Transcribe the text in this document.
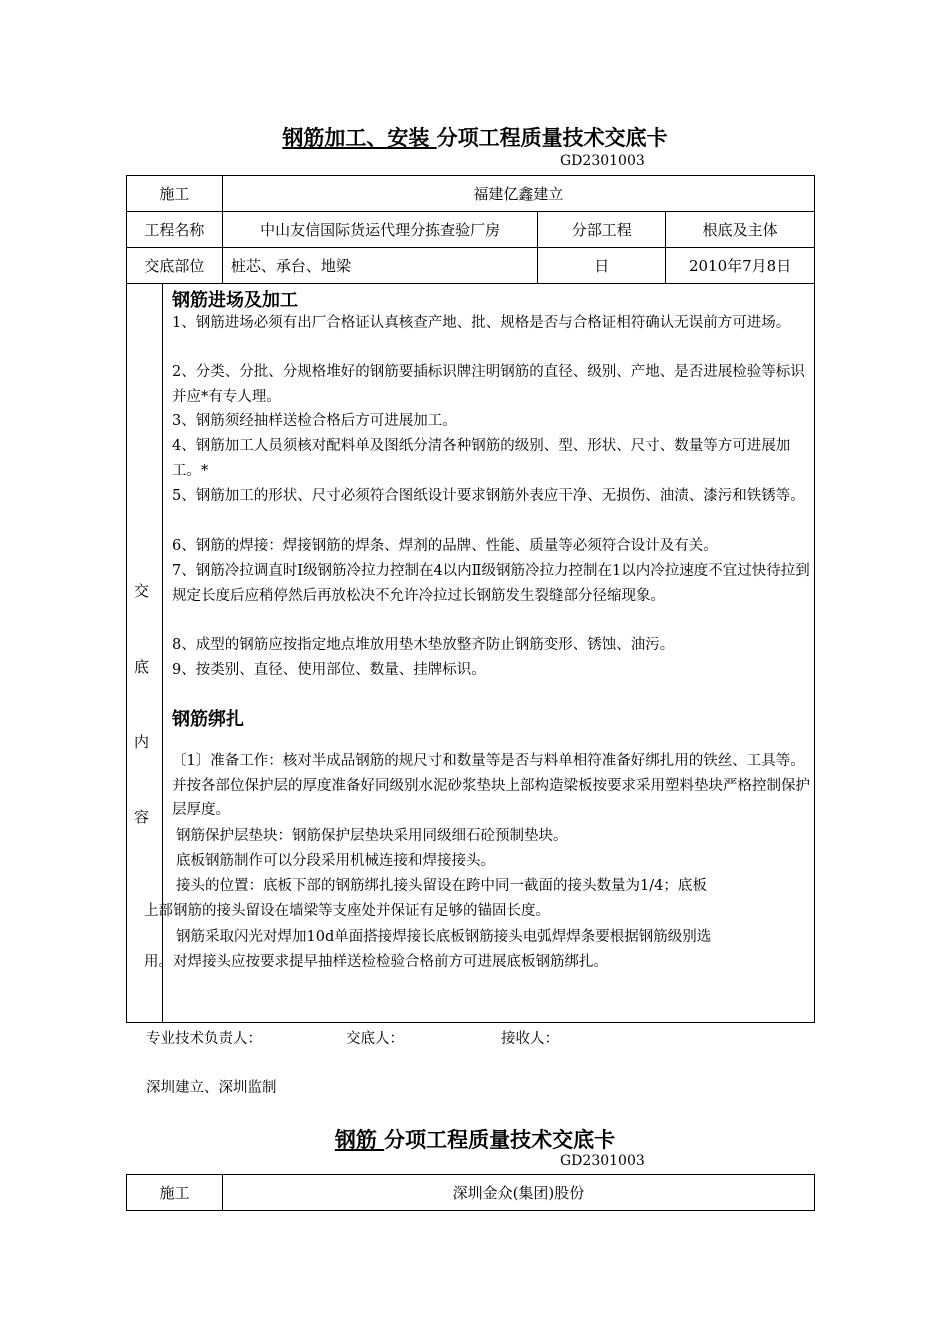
钢筋加工、安装 分项工程质量技术交底卡
GD2301003
施工	福建亿鑫建立		
工程名称	中山友信国际货运代理分拣查验厂房	分部工程	根底及主体
交底部位	桩芯、承台、地梁	日	2010年7月8日
交
底
内
容
钢筋进场及加工
1、钢筋进场必须有出厂合格证认真核查产地、批、规格是否与合格证相符确认无误前方可进场。
2、分类、分批、分规格堆好的钢筋要插标识牌注明钢筋的直径、级别、产地、是否进展检验等标识并应*有专人理。
3、钢筋须经抽样送检合格后方可进展加工。
4、钢筋加工人员须核对配料单及图纸分清各种钢筋的级别、型、形状、尺寸、数量等方可进展加工。*
5、钢筋加工的形状、尺寸必须符合图纸设计要求钢筋外表应干净、无损伤、油渍、漆污和铁锈等。
6、钢筋的焊接：焊接钢筋的焊条、焊剂的品牌、性能、质量等必须符合设计及有关。
7、钢筋冷拉调直时Ⅰ级钢筋冷拉力控制在4以内Ⅱ级钢筋冷拉力控制在1以内冷拉速度不宜过快待拉到规定长度后应稍停然后再放松决不允许冷拉过长钢筋发生裂缝部分径缩现象。
8、成型的钢筋应按指定地点堆放用垫木垫放整齐防止钢筋变形、锈蚀、油污。
9、按类别、直径、使用部位、数量、挂牌标识。
钢筋绑扎
〔1〕准备工作：核对半成品钢筋的规尺寸和数量等是否与料单相符准备好绑扎用的铁丝、工具等。并按各部位保护层的厚度准备好同级别水泥砂浆垫块上部构造梁板按要求采用塑料垫块严格控制保护层厚度。
钢筋保护层垫块：钢筋保护层垫块采用同级细石砼预制垫块。
底板钢筋制作可以分段采用机械连接和焊接接头。
接头的位置：底板下部的钢筋绑扎接头留设在跨中同一截面的接头数量为1/4；底板
上部钢筋的接头留设在墙梁等支座处并保证有足够的锚固长度。
钢筋采取闪光对焊加10d单面搭接焊接长底板钢筋接头电弧焊焊条要根据钢筋级别选
用。对焊接头应按要求提早抽样送检检验合格前方可进展底板钢筋绑扎。
专业技术负责人：	交底人：	接收人：
深圳建立、深圳监制
钢筋 分项工程质量技术交底卡
GD2301003
施工	深圳金众(集团)股份
